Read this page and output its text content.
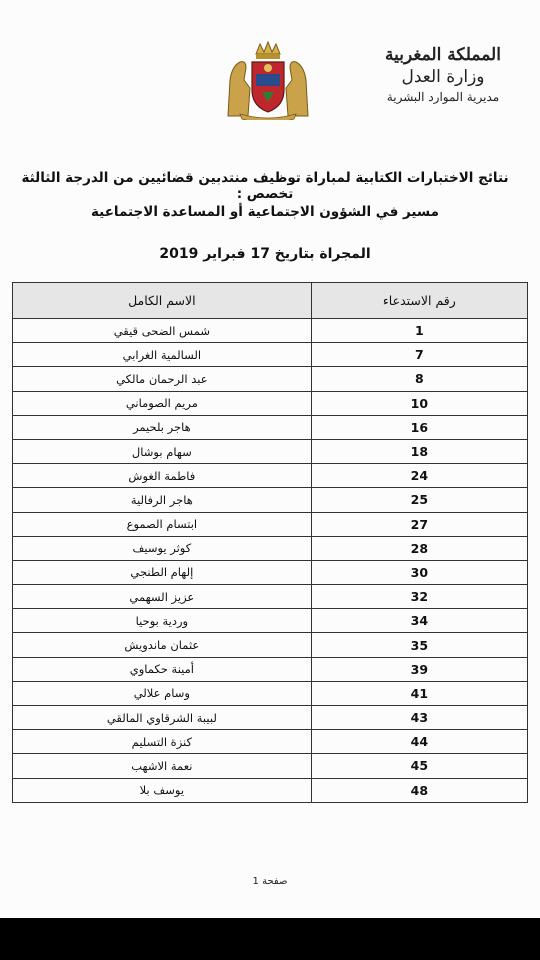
المملكة المغربية
وزارة العدل
مديرية الموارد البشرية
نتائج الاختبارات الكتابية لمباراة توظيف منتدبين قضائيين من الدرجة الثالثة تخصص :
مسير في الشؤون الاجتماعية أو المساعدة الاجتماعية
المجراة بتاريخ 17 فبراير 2019
رقم الاستدعاء	الاسم الكامل
1	شمس الضحى قيقي
7	السالمية الغرابي
8	عبد الرحمان مالكي
10	مريم الصوماني
16	هاجر بلحيمر
18	سهام بوشال
24	فاطمة الغوش
25	هاجر الرفالية
27	ابتسام الصموع
28	كوثر يوسيف
30	إلهام الطنجي
32	عزيز السهمي
34	وردية بوحيا
35	عثمان ماندويش
39	أمينة حكماوي
41	وسام علالي
43	لبيبة الشرقاوي المالقي
44	كنزة التسليم
45	نعمة الاشهب
48	يوسف بلا
صفحة 1
